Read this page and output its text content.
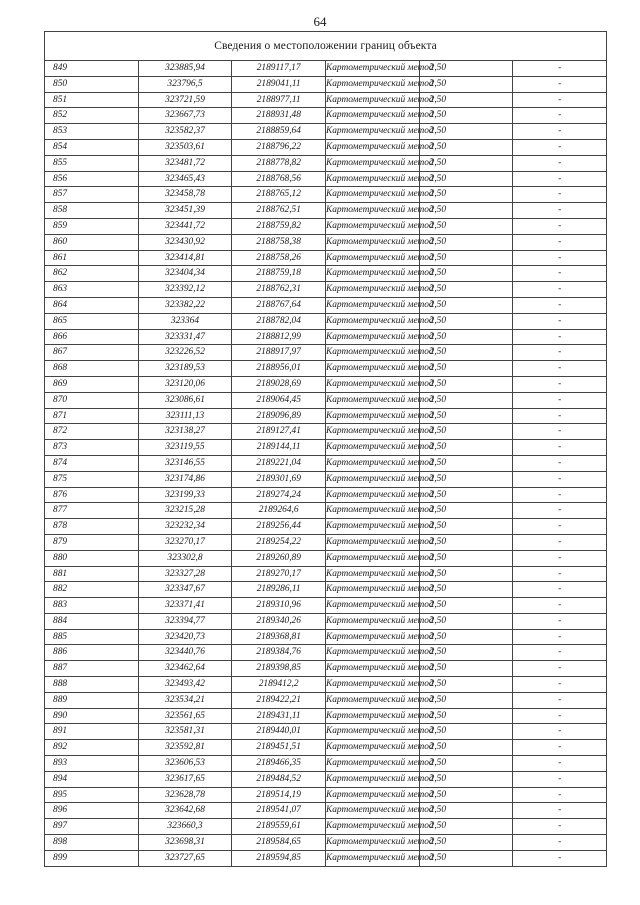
64
Сведения о местоположении границ объекта					
849	323885,94	2189117,17	Картометрический метод	2,50	-
850	323796,5	2189041,11	Картометрический метод	2,50	-
851	323721,59	2188977,11	Картометрический метод	2,50	-
852	323667,73	2188931,48	Картометрический метод	2,50	-
853	323582,37	2188859,64	Картометрический метод	2,50	-
854	323503,61	2188796,22	Картометрический метод	2,50	-
855	323481,72	2188778,82	Картометрический метод	2,50	-
856	323465,43	2188768,56	Картометрический метод	2,50	-
857	323458,78	2188765,12	Картометрический метод	2,50	-
858	323451,39	2188762,51	Картометрический метод	2,50	-
859	323441,72	2188759,82	Картометрический метод	2,50	-
860	323430,92	2188758,38	Картометрический метод	2,50	-
861	323414,81	2188758,26	Картометрический метод	2,50	-
862	323404,34	2188759,18	Картометрический метод	2,50	-
863	323392,12	2188762,31	Картометрический метод	2,50	-
864	323382,22	2188767,64	Картометрический метод	2,50	-
865	323364	2188782,04	Картометрический метод	2,50	-
866	323331,47	2188812,99	Картометрический метод	2,50	-
867	323226,52	2188917,97	Картометрический метод	2,50	-
868	323189,53	2188956,01	Картометрический метод	2,50	-
869	323120,06	2189028,69	Картометрический метод	2,50	-
870	323086,61	2189064,45	Картометрический метод	2,50	-
871	323111,13	2189096,89	Картометрический метод	2,50	-
872	323138,27	2189127,41	Картометрический метод	2,50	-
873	323119,55	2189144,11	Картометрический метод	2,50	-
874	323146,55	2189221,04	Картометрический метод	2,50	-
875	323174,86	2189301,69	Картометрический метод	2,50	-
876	323199,33	2189274,24	Картометрический метод	2,50	-
877	323215,28	2189264,6	Картометрический метод	2,50	-
878	323232,34	2189256,44	Картометрический метод	2,50	-
879	323270,17	2189254,22	Картометрический метод	2,50	-
880	323302,8	2189260,89	Картометрический метод	2,50	-
881	323327,28	2189270,17	Картометрический метод	2,50	-
882	323347,67	2189286,11	Картометрический метод	2,50	-
883	323371,41	2189310,96	Картометрический метод	2,50	-
884	323394,77	2189340,26	Картометрический метод	2,50	-
885	323420,73	2189368,81	Картометрический метод	2,50	-
886	323440,76	2189384,76	Картометрический метод	2,50	-
887	323462,64	2189398,85	Картометрический метод	2,50	-
888	323493,42	2189412,2	Картометрический метод	2,50	-
889	323534,21	2189422,21	Картометрический метод	2,50	-
890	323561,65	2189431,11	Картометрический метод	2,50	-
891	323581,31	2189440,01	Картометрический метод	2,50	-
892	323592,81	2189451,51	Картометрический метод	2,50	-
893	323606,53	2189466,35	Картометрический метод	2,50	-
894	323617,65	2189484,52	Картометрический метод	2,50	-
895	323628,78	2189514,19	Картометрический метод	2,50	-
896	323642,68	2189541,07	Картометрический метод	2,50	-
897	323660,3	2189559,61	Картометрический метод	2,50	-
898	323698,31	2189584,65	Картометрический метод	2,50	-
899	323727,65	2189594,85	Картометрический метод	2,50	-
